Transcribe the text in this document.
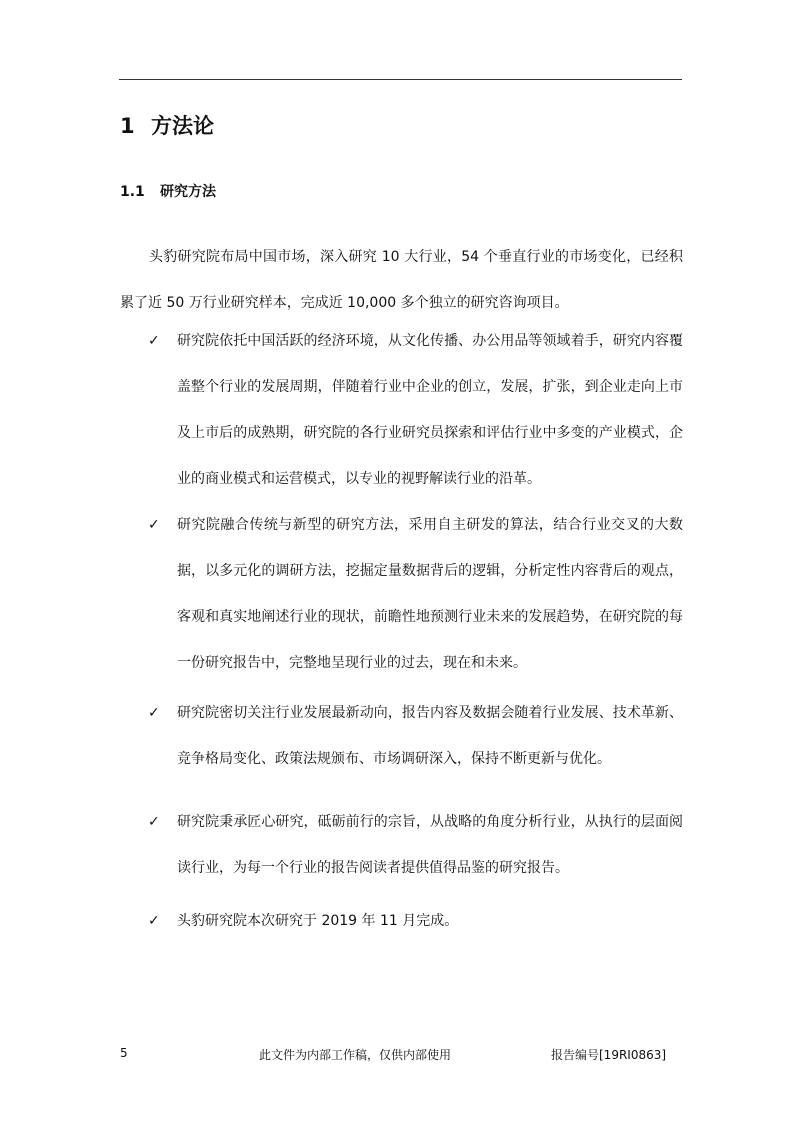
1 方法论
1.1 研究方法
头豹研究院布局中国市场，深入研究 10 大行业，54 个垂直行业的市场变化，已经积累了近 50 万行业研究样本，完成近 10,000 多个独立的研究咨询项目。
✓ 研究院依托中国活跃的经济环境，从文化传播、办公用品等领域着手，研究内容覆盖整个行业的发展周期，伴随着行业中企业的创立，发展，扩张，到企业走向上市及上市后的成熟期，研究院的各行业研究员探索和评估行业中多变的产业模式，企业的商业模式和运营模式，以专业的视野解读行业的沿革。
✓ 研究院融合传统与新型的研究方法，采用自主研发的算法，结合行业交叉的大数据，以多元化的调研方法，挖掘定量数据背后的逻辑，分析定性内容背后的观点，客观和真实地阐述行业的现状，前瞻性地预测行业未来的发展趋势，在研究院的每一份研究报告中，完整地呈现行业的过去，现在和未来。
✓ 研究院密切关注行业发展最新动向，报告内容及数据会随着行业发展、技术革新、竞争格局变化、政策法规颁布、市场调研深入，保持不断更新与优化。
✓ 研究院秉承匠心研究，砥砺前行的宗旨，从战略的角度分析行业，从执行的层面阅读行业，为每一个行业的报告阅读者提供值得品鉴的研究报告。
✓ 头豹研究院本次研究于 2019 年 11 月完成。
5	此文件为内部工作稿，仅供内部使用	报告编号[19RI0863]
